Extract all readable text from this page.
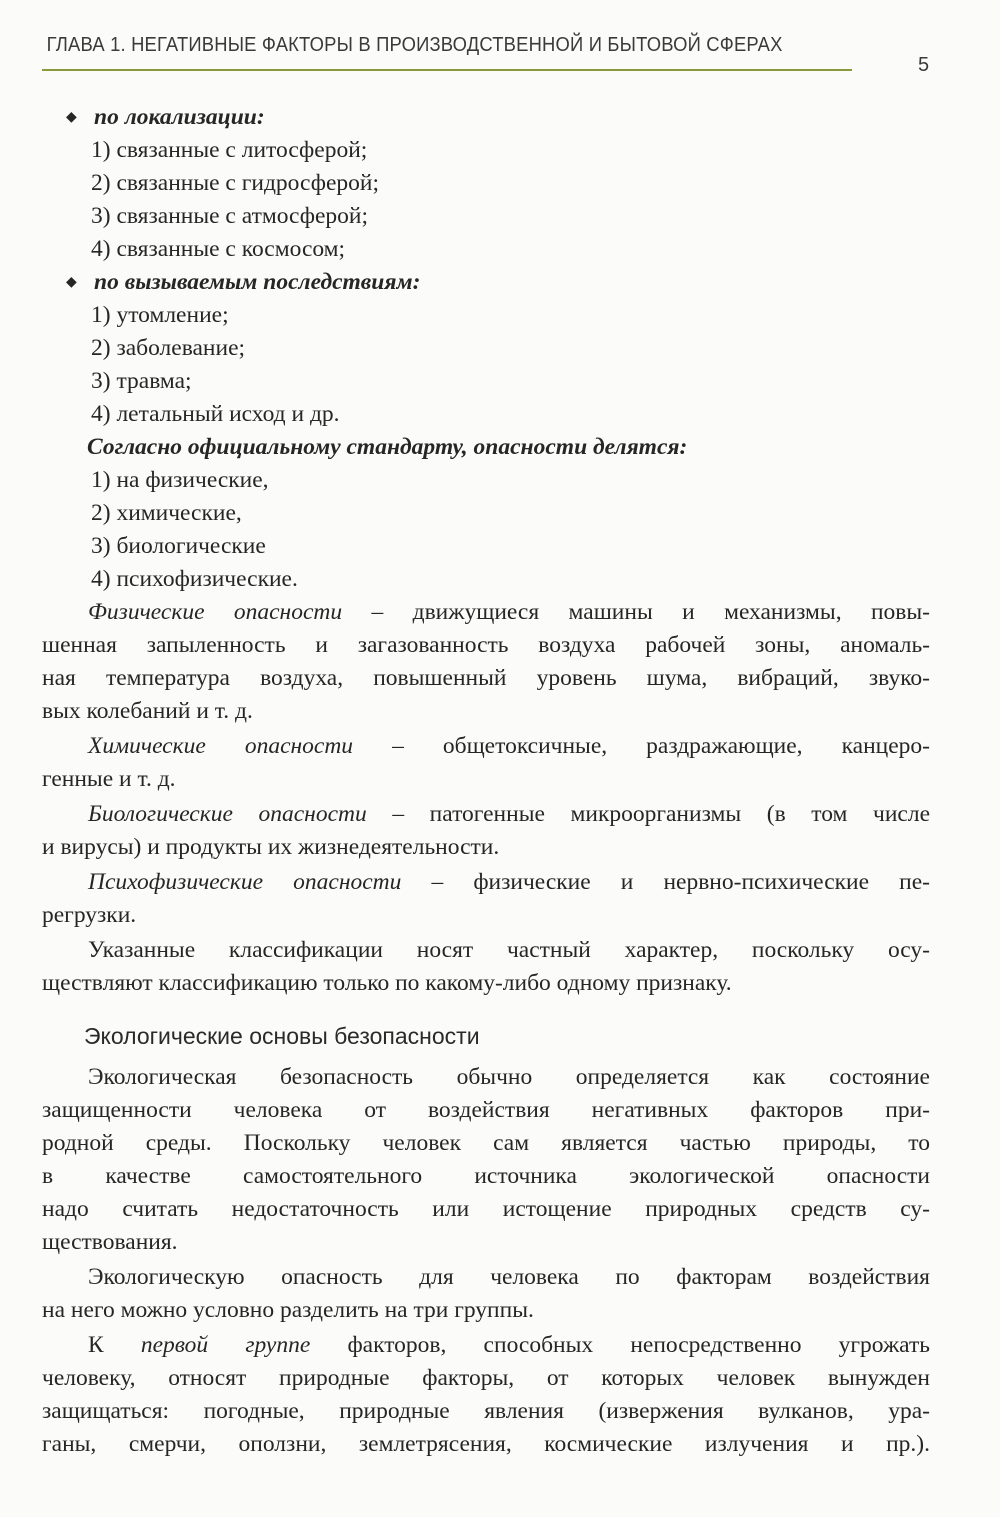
ГЛАВА 1. НЕГАТИВНЫЕ ФАКТОРЫ В ПРОИЗВОДСТВЕННОЙ И БЫТОВОЙ СФЕРАХ
5
◆ по локализации:
1) связанные с литосферой;
2) связанные с гидросферой;
3) связанные с атмосферой;
4) связанные с космосом;
◆ по вызываемым последствиям:
1) утомление;
2) заболевание;
3) травма;
4) летальный исход и др.
Согласно официальному стандарту, опасности делятся:
1) на физические,
2) химические,
3) биологические
4) психофизические.
Физические опасности – движущиеся машины и механизмы, повы-
шенная запыленность и загазованность воздуха рабочей зоны, аномаль-
ная температура воздуха, повышенный уровень шума, вибраций, звуко-
вых колебаний и т. д.
Химические опасности – общетоксичные, раздражающие, канцеро-
генные и т. д.
Биологические опасности – патогенные микроорганизмы (в том числе
и вирусы) и продукты их жизнедеятельности.
Психофизические опасности – физические и нервно-психические пе-
регрузки.
Указанные классификации носят частный характер, поскольку осу-
ществляют классификацию только по какому-либо одному признаку.
Экологические основы безопасности
Экологическая безопасность обычно определяется как состояние
защищенности человека от воздействия негативных факторов при-
родной среды. Поскольку человек сам является частью природы, то
в качестве самостоятельного источника экологической опасности
надо считать недостаточность или истощение природных средств су-
ществования.
Экологическую опасность для человека по факторам воздействия
на него можно условно разделить на три группы.
К первой группе факторов, способных непосредственно угрожать
человеку, относят природные факторы, от которых человек вынужден
защищаться: погодные, природные явления (извержения вулканов, ура-
ганы, смерчи, оползни, землетрясения, космические излучения и пр.).
